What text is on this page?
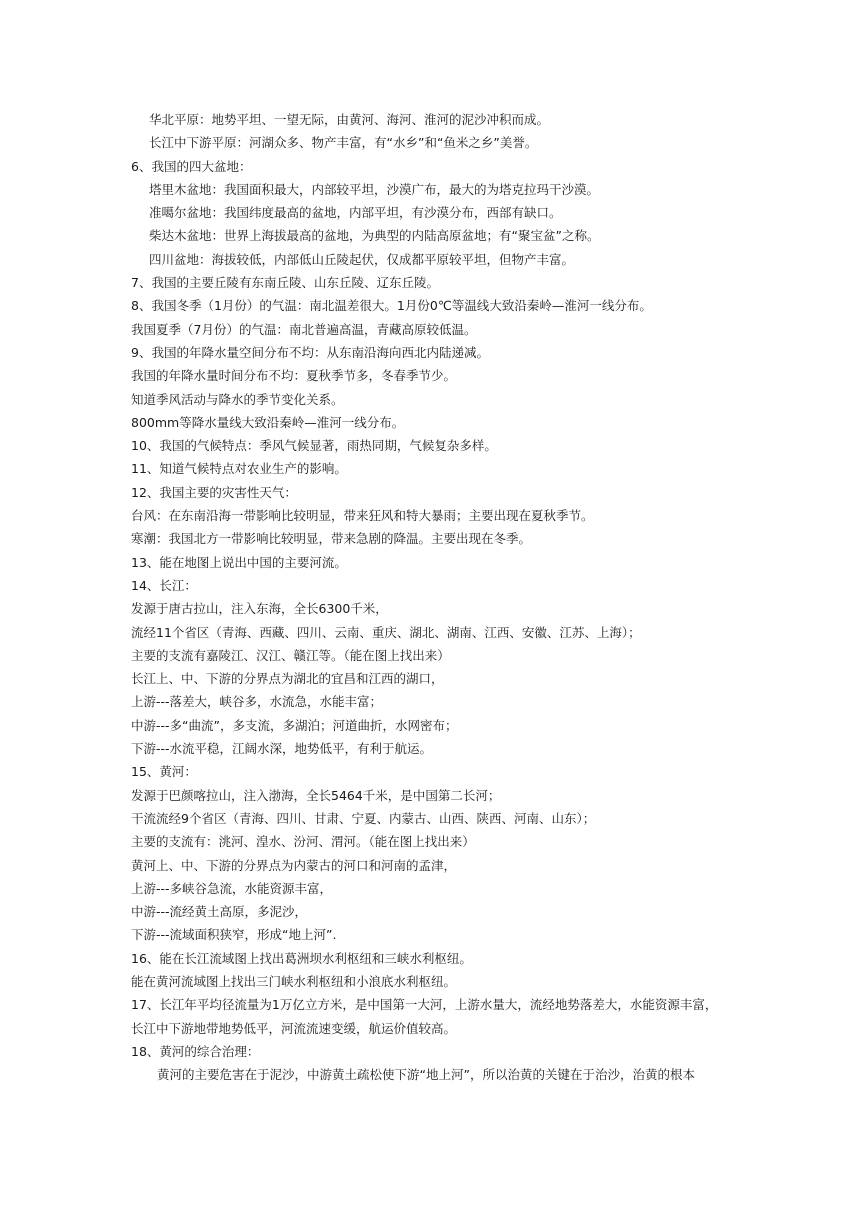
华北平原：地势平坦、一望无际，由黄河、海河、淮河的泥沙冲积而成。
长江中下游平原：河湖众多、物产丰富，有“水乡”和“鱼米之乡”美誉。
6、我国的四大盆地：
塔里木盆地：我国面积最大，内部较平坦，沙漠广布，最大的为塔克拉玛干沙漠。
准噶尔盆地：我国纬度最高的盆地，内部平坦，有沙漠分布，西部有缺口。
柴达木盆地：世界上海拔最高的盆地，为典型的内陆高原盆地；有“聚宝盆”之称。
四川盆地：海拔较低，内部低山丘陵起伏，仅成都平原较平坦，但物产丰富。
7、我国的主要丘陵有东南丘陵、山东丘陵、辽东丘陵。
8、我国冬季（1月份）的气温：南北温差很大。1月份0℃等温线大致沿秦岭—淮河一线分布。
我国夏季（7月份）的气温：南北普遍高温，青藏高原较低温。
9、我国的年降水量空间分布不均：从东南沿海向西北内陆递减。
我国的年降水量时间分布不均：夏秋季节多，冬春季节少。
知道季风活动与降水的季节变化关系。
800mm等降水量线大致沿秦岭—淮河一线分布。
10、我国的气候特点：季风气候显著，雨热同期，气候复杂多样。
11、知道气候特点对农业生产的影响。
12、我国主要的灾害性天气：
台风：在东南沿海一带影响比较明显，带来狂风和特大暴雨；主要出现在夏秋季节。
寒潮：我国北方一带影响比较明显，带来急剧的降温。主要出现在冬季。
13、能在地图上说出中国的主要河流。
14、长江：
发源于唐古拉山，注入东海，全长6300千米，
流经11个省区（青海、西藏、四川、云南、重庆、湖北、湖南、江西、安徽、江苏、上海）；
主要的支流有嘉陵江、汉江、赣江等。（能在图上找出来）
长江上、中、下游的分界点为湖北的宜昌和江西的湖口，
上游---落差大，峡谷多，水流急，水能丰富；
中游---多“曲流”，多支流，多湖泊；河道曲折，水网密布；
下游---水流平稳，江阔水深，地势低平，有利于航运。
15、黄河：
发源于巴颜喀拉山，注入渤海，全长5464千米，是中国第二长河；
干流流经9个省区（青海、四川、甘肃、宁夏、内蒙古、山西、陕西、河南、山东）；
主要的支流有：洮河、湟水、汾河、渭河。（能在图上找出来）
黄河上、中、下游的分界点为内蒙古的河口和河南的孟津，
上游---多峡谷急流，水能资源丰富，
中游---流经黄土高原，多泥沙，
下游---流域面积狭窄，形成“地上河”.
16、能在长江流域图上找出葛洲坝水利枢纽和三峡水利枢纽。
能在黄河流域图上找出三门峡水利枢纽和小浪底水利枢纽。
17、长江年平均径流量为1万亿立方米，是中国第一大河，上游水量大，流经地势落差大，水能资源丰富，
长江中下游地带地势低平，河流流速变缓，航运价值较高。
18、黄河的综合治理：
黄河的主要危害在于泥沙，中游黄土疏松使下游“地上河”，所以治黄的关键在于治沙，治黄的根本
